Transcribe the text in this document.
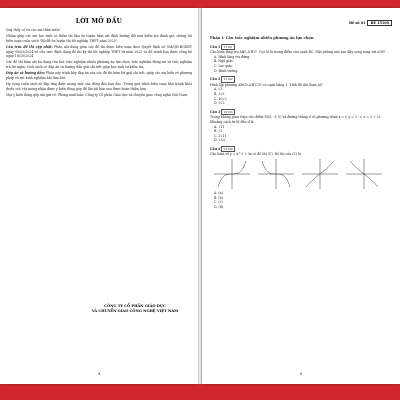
LỜI MỞ ĐẦU

Quý thầy cô và các em thân mến!

Nhằm giúp các em học sinh có thêm tài liệu ôn luyện bám sát định hướng đổi mới kiểm tra đánh giá, chúng tôi biên soạn cuốn sách "Bộ đề ôn luyện thi tốt nghiệp THPT năm 2025".

Cấu trúc đề thi cập nhật: Phần nội dung gồm các đề thi được biên soạn theo Quyết định số 764/QĐ-BGDĐT ngày 08/03/2024 về cấu trúc định dạng đề thi kỳ thi tốt nghiệp THPT từ năm 2025 và đề minh họa được công bố ngày 18/10/2024.

Các đề thi bám sát ba dạng câu hỏi: trắc nghiệm nhiều phương án lựa chọn, trắc nghiệm đúng sai và trắc nghiệm trả lời ngắn. Cuối sách có đáp án và hướng dẫn giải chi tiết giúp học sinh tự kiểm tra.

Đáp án và hướng dẫn: Phần này trình bày đáp án của các đề thi kèm lời giải chi tiết, giúp các em hiểu rõ phương pháp và rút kinh nghiệm khi làm bài.

Hy vọng cuốn sách sẽ đáp ứng được mong mỏi của đông đảo bạn đọc. Trong quá trình biên soạn khó tránh khỏi thiếu sót, rất mong nhận được ý kiến đóng góp để lần tái bản sau được hoàn thiện hơn.

Mọi ý kiến đóng góp xin gửi về: Phòng xuất bản, Công ty Cổ phần Giáo dục và chuyển giao công nghệ Việt Nam.

CÔNG TY CỔ PHẦN GIÁO DỤC
VÀ CHUYỂN GIAO CÔNG NGHỆ VIỆT NAM
3
Đề số 01 ĐỀ 15100
Phần I. Câu trắc nghiệm nhiều phương án lựa chọn.
Câu 1 15101
Cho hình lăng trụ ABC.A'B'C'. Gọi M là trung điểm của cạnh BC. Mặt phẳng nào sau đây song song với A'M?
A. Hình lăng trụ đứng.
B. Ngũ giác.
C. Lục giác.
D. Hình vuông.
Câu 2 15102
Hình lập phương ABCD.A'B'C'D' có cạnh bằng 1. Tính độ dài đoạn AC'.
A. √3
B. 3√3
C. 10√3
D. 3√2
Câu 3 15103
Trong không gian Oxyz cho điểm M(3; -1; 0) và đường thẳng d có phương trình x = t; y = 2 - t; z = 3 + 2t. Khoảng cách từ M đến d là
A. √11
B. √5
C. 2√11
D. √3/2
Câu 4 15104
Cho hàm số y = x^3 + 3x có đồ thị (C). Đồ thị của (C) là
A. (a).
B. (b).
C. (c).
D. (d).
5
